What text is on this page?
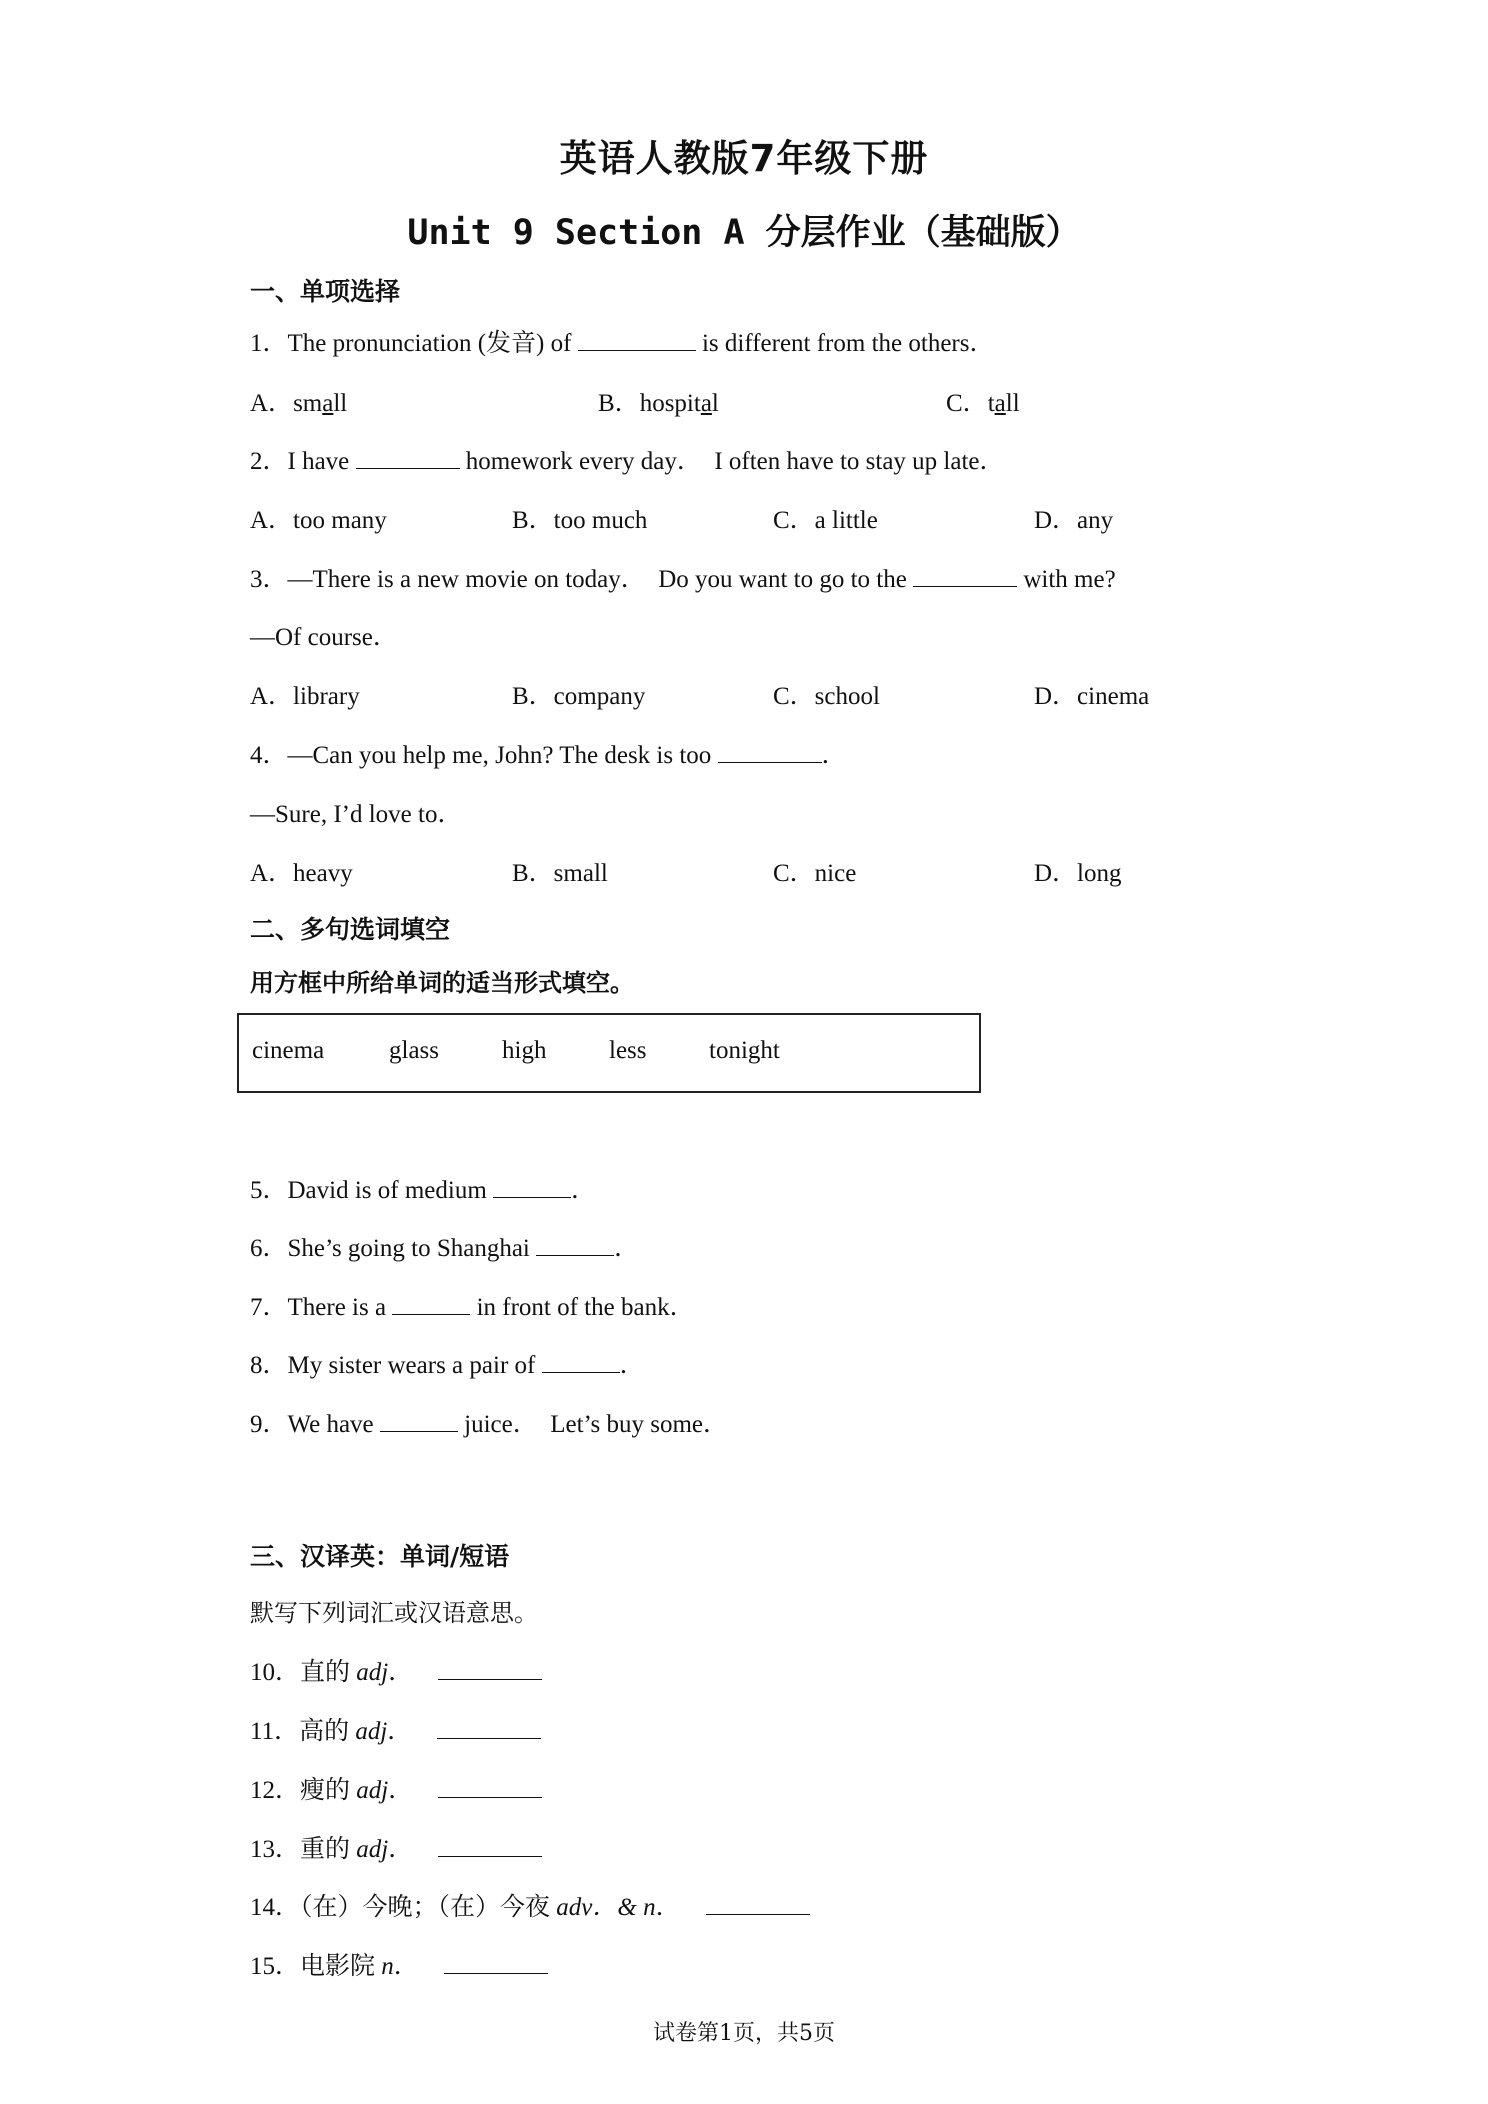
英语人教版7年级下册
Unit 9 Section A 分层作业（基础版）
一、单项选择
1．The pronunciation (发音) of	is different from the others．
A．small	B．hospital	C．tall
2．I have	homework every day．  I often have to stay up late．
A．too many	B．too much	C．a little	D．any
3．—There is a new movie on today．  Do you want to go to the	with me?
—Of course．
A．library	B．company	C．school	D．cinema
4．—Can you help me, John? The desk is too	．
—Sure, I’d love to．
A．heavy	B．small	C．nice	D．long
二、多句选词填空
用方框中所给单词的适当形式填空。
cinema	glass	high	less	tonight
5．David is of medium	．
6．She’s going to Shanghai	．
7．There is a	in front of the bank．
8．My sister wears a pair of	．
9．We have	juice．  Let’s buy some．
三、汉译英：单词/短语
默写下列词汇或汉语意思。
10．直的 adj．
11．高的 adj．
12．瘦的 adj．
13．重的 adj．
14．（在）今晚；（在）今夜 adv．& n．
15．电影院 n．
试卷第1页，共5页
